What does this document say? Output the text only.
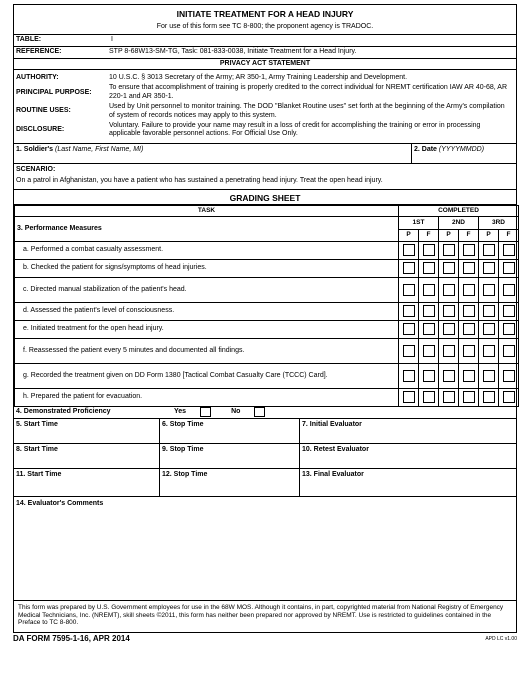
INITIATE TREATMENT FOR A HEAD INJURY
For use of this form see TC 8-800; the proponent agency is TRADOC.
TABLE:	I
REFERENCE:	STP 8-68W13-SM-TG, Task: 081-833-0038, Initiate Treatment for a Head Injury.
PRIVACY ACT STATEMENT
AUTHORITY:	10 U.S.C. § 3013 Secretary of the Army; AR 350-1, Army Training Leadership and Development.
PRINCIPAL PURPOSE:
To ensure that accomplishment of training is properly credited to the correct individual for NREMT certification IAW AR 40-68, AR 220-1 and AR 350-1.
ROUTINE USES:
Used by Unit personnel to monitor training. The DOD "Blanket Routine uses" set forth at the beginning of the Army's compilation of system of records notices may apply to this system.
DISCLOSURE:
Voluntary. Failure to provide your name may result in a loss of credit for accomplishing the training or error in processing applicable favorable personnel actions. For Official Use Only.
1. Soldier's (Last Name, First Name, MI)	2. Date (YYYYMMDD)
SCENARIO:
On a patrol in Afghanistan, you have a patient who has sustained a penetrating head injury. Treat the open head injury.
GRADING SHEET
TASK	COMPLETED					
3. Performance Measures	1ST		2ND		3RD	
	P	F	P	F	P	F
a. Performed a combat casualty assessment.	

b. Checked the patient for signs/symptoms of head injuries.	

c. Directed manual stabilization of the patient's head.	

d. Assessed the patient's level of consciousness.	

e. Initiated treatment for the open head injury.	

f. Reassessed the patient every 5 minutes and documented all findings.	

g. Recorded the treatment given on DD Form 1380 [Tactical Combat Casualty Care (TCCC) Card].	

h. Prepared the patient for evacuation.	

4. Demonstrated Proficiency	Yes	No
5. Start Time	6. Stop Time	7. Initial Evaluator
8. Start Time	9. Stop Time	10. Retest Evaluator
11. Start Time	12. Stop Time	13. Final Evaluator
14. Evaluator's Comments
This form was prepared by U.S. Government employees for use in the 68W MOS. Although it contains, in part, copyrighted material from National Registry of Emergency Medical Technicians, Inc. (NREMT), skill sheets ©2011, this form has neither been prepared nor approved by NREMT. Use is restricted to guidelines contained in the Preface to TC 8-800.
DA FORM 7595-1-16, APR 2014	APD LC v1.00
